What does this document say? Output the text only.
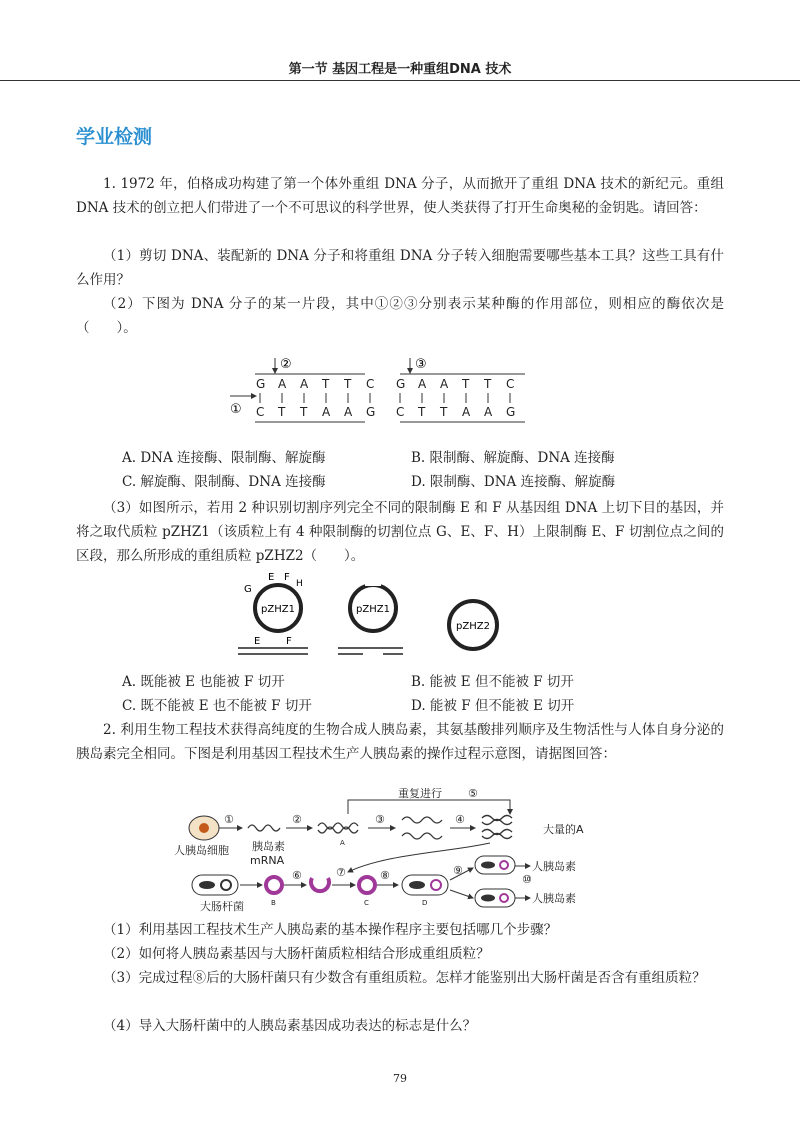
第一节 基因工程是一种重组DNA 技术
学业检测
1. 1972 年，伯格成功构建了第一个体外重组 DNA 分子，从而掀开了重组 DNA 技术的新纪元。重组 DNA 技术的创立把人们带进了一个不可思议的科学世界，使人类获得了打开生命奥秘的金钥匙。请回答：
（1）剪切 DNA、装配新的 DNA 分子和将重组 DNA 分子转入细胞需要哪些基本工具？这些工具有什么作用？
（2）下图为 DNA 分子的某一片段，其中①②③分别表示某种酶的作用部位，则相应的酶依次是（　　）。
②	③
①
G A A T T C G A A T T C
C T T A A G C T T A A G
A. DNA 连接酶、限制酶、解旋酶	B. 限制酶、解旋酶、DNA 连接酶
C. 解旋酶、限制酶、DNA 连接酶	D. 限制酶、DNA 连接酶、解旋酶
（3）如图所示，若用 2 种识别切割序列完全不同的限制酶 E 和 F 从基因组 DNA 上切下目的基因，并将之取代质粒 pZHZ1（该质粒上有 4 种限制酶的切割位点 G、E、F、H）上限制酶 E、F 切割位点之间的区段，那么所形成的重组质粒 pZHZ2（　　）。
pZHZ1	pZHZ1
pZHZ2
G
E F
H
E	F
A. 既能被 E 也能被 F 切开	B. 能被 E 但不能被 F 切开
C. 既不能被 E 也不能被 F 切开	D. 能被 F 但不能被 E 切开
2. 利用生物工程技术获得高纯度的生物合成人胰岛素，其氨基酸排列顺序及生物活性与人体自身分泌的胰岛素完全相同。下图是利用基因工程技术生产人胰岛素的操作过程示意图，请据图回答：
重复进行 ⑤
①	②	③	④
⑥	⑦	⑧	⑨
⑩
人胰岛细胞 胰岛素
mRNA
大肠杆菌
大量的A
人胰岛素
人胰岛素
A
B	C	D
（1）利用基因工程技术生产人胰岛素的基本操作程序主要包括哪几个步骤？
（2）如何将人胰岛素基因与大肠杆菌质粒相结合形成重组质粒？
（3）完成过程⑧后的大肠杆菌只有少数含有重组质粒。怎样才能鉴别出大肠杆菌是否含有重组质粒？
（4）导入大肠杆菌中的人胰岛素基因成功表达的标志是什么？
79
